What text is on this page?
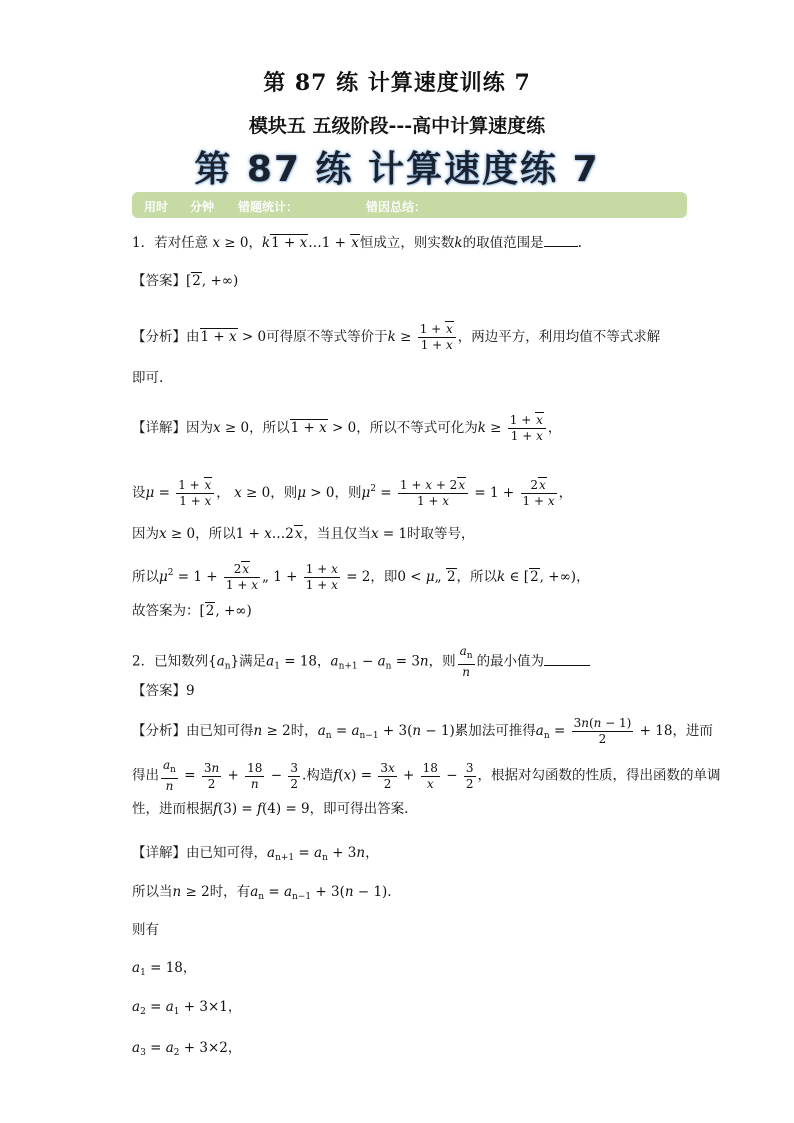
第 87 练 计算速度训练 7
模块五 五级阶段---高中计算速度练
第 87 练 计算速度练 7
用时 分钟 错题统计：	错因总结：
1．若对任意 x ≥ 0，k1 + x…1 + x恒成立，则实数k的取值范围是	.
【答案】[2, +∞)
【分析】由1 + x > 0可得原不等式等价于$k \ge \frac{1 + x}{1 + x}$ ，两边平方，利用均值不等式求解
即可.
【详解】因为x ≥ 0，所以1 + x > 0，所以不等式可化为$k \ge \frac{1 + x}{1 + x}$ ，
设$\mu = \frac{1 + x}{1 + x}$ ， x ≥ 0，则μ > 0，则$\mu^2 = \frac{1 + x + 2x}{1 + x} = 1 + \frac{2x}{1 + x}$ ，
因为x ≥ 0，所以1 + x…2x，当且仅当x = 1时取等号，
所以$\mu^2 = 1 + \frac{2x}{1 + x}$ „ $1 + \frac{1 + x}{1 + x} = 2$，即0 < μ„ 2，所以k ∈ [2, +∞)，
故答案为：[2, +∞)
2．已知数列$\{a_n\}$满足$a_1 = 18$，$a_{n+1} - a_n = 3n$，则 $\frac{a_n}{n}$ 的最小值为
【答案】9
【分析】由已知可得n ≥ 2时，$a_n = a_{n-1} + 3(n - 1)$累加法可推得$a_n = \frac{3n(n - 1)}{2} + 18$，进而
得出 $\frac{a_n}{n} = \frac{3n}{2} + \frac{18}{n} - \frac{3}{2}$ .构造$f(x) = \frac{3x}{2} + \frac{18}{x} - \frac{3}{2}$ ，根据对勾函数的性质，得出函数的单调
性，进而根据f(3) = f(4) = 9，即可得出答案.
【详解】由已知可得，$a_{n+1} = a_n + 3n$，
所以当n ≥ 2时，有$a_n = a_{n-1} + 3(n - 1)$.
则有
$a_1 = 18$，
$a_2 = a_1 + 3\times 1$，
$a_3 = a_2 + 3\times 2$，
